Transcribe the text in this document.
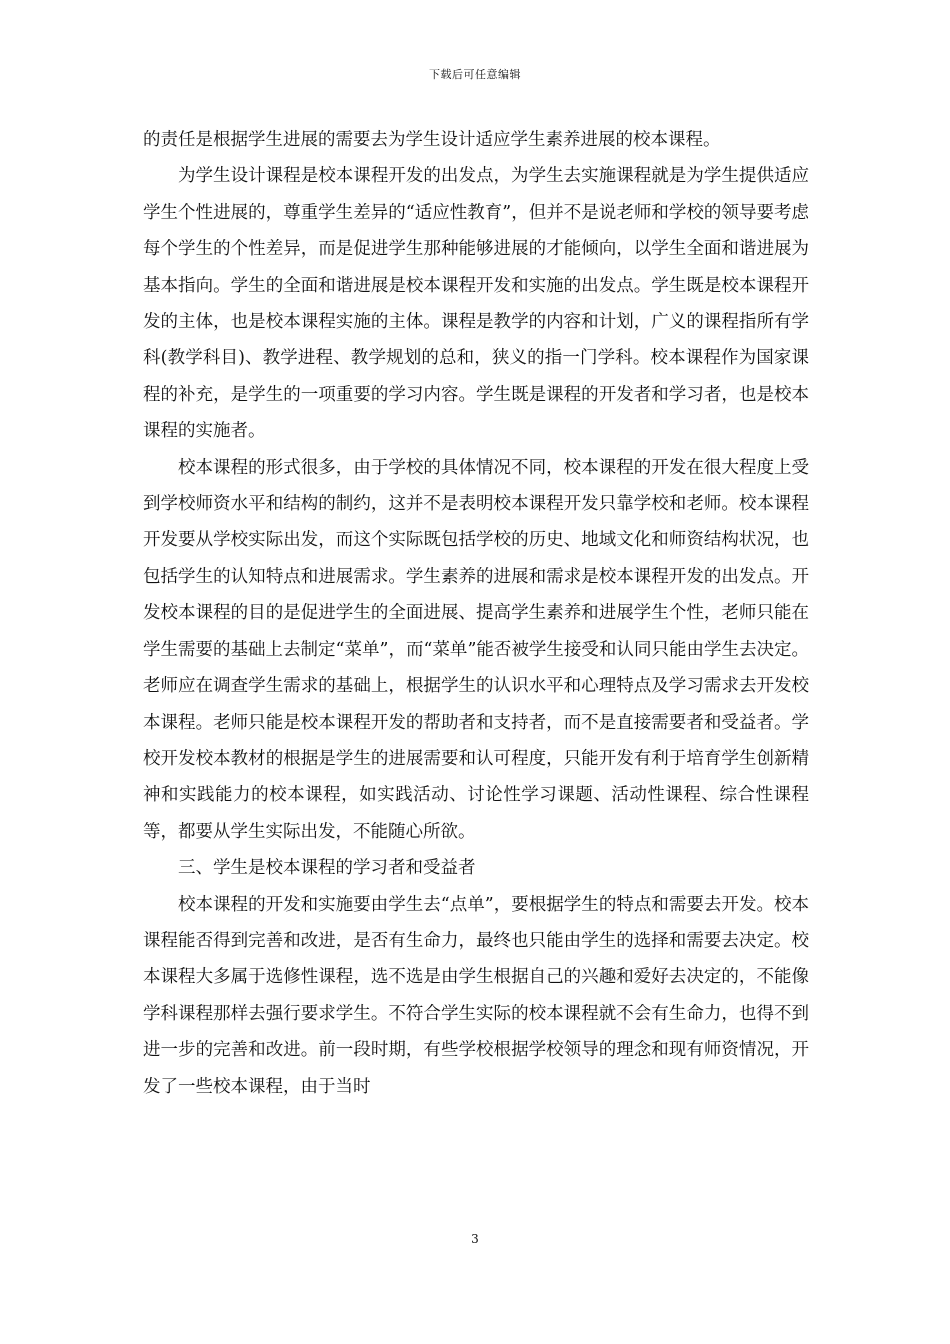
下载后可任意编辑

的责任是根据学生进展的需要去为学生设计适应学生素养进展的校本课程。

为学生设计课程是校本课程开发的出发点，为学生去实施课程就是为学生提供适应学生个性进展的，尊重学生差异的“适应性教育”，但并不是说老师和学校的领导要考虑每个学生的个性差异，而是促进学生那种能够进展的才能倾向，以学生全面和谐进展为基本指向。学生的全面和谐进展是校本课程开发和实施的出发点。学生既是校本课程开发的主体，也是校本课程实施的主体。课程是教学的内容和计划，广义的课程指所有学科(教学科目)、教学进程、教学规划的总和，狭义的指一门学科。校本课程作为国家课程的补充，是学生的一项重要的学习内容。学生既是课程的开发者和学习者，也是校本课程的实施者。

校本课程的形式很多，由于学校的具体情况不同，校本课程的开发在很大程度上受到学校师资水平和结构的制约，这并不是表明校本课程开发只靠学校和老师。校本课程开发要从学校实际出发，而这个实际既包括学校的历史、地域文化和师资结构状况，也包括学生的认知特点和进展需求。学生素养的进展和需求是校本课程开发的出发点。开发校本课程的目的是促进学生的全面进展、提高学生素养和进展学生个性，老师只能在学生需要的基础上去制定“菜单”，而“菜单”能否被学生接受和认同只能由学生去决定。老师应在调查学生需求的基础上，根据学生的认识水平和心理特点及学习需求去开发校本课程。老师只能是校本课程开发的帮助者和支持者，而不是直接需要者和受益者。学校开发校本教材的根据是学生的进展需要和认可程度，只能开发有利于培育学生创新精神和实践能力的校本课程，如实践活动、讨论性学习课题、活动性课程、综合性课程等，都要从学生实际出发，不能随心所欲。

三、学生是校本课程的学习者和受益者

校本课程的开发和实施要由学生去“点单”，要根据学生的特点和需要去开发。校本课程能否得到完善和改进，是否有生命力，最终也只能由学生的选择和需要去决定。校本课程大多属于选修性课程，选不选是由学生根据自己的兴趣和爱好去决定的，不能像学科课程那样去强行要求学生。不符合学生实际的校本课程就不会有生命力，也得不到进一步的完善和改进。前一段时期，有些学校根据学校领导的理念和现有师资情况，开发了一些校本课程，由于当时

3
